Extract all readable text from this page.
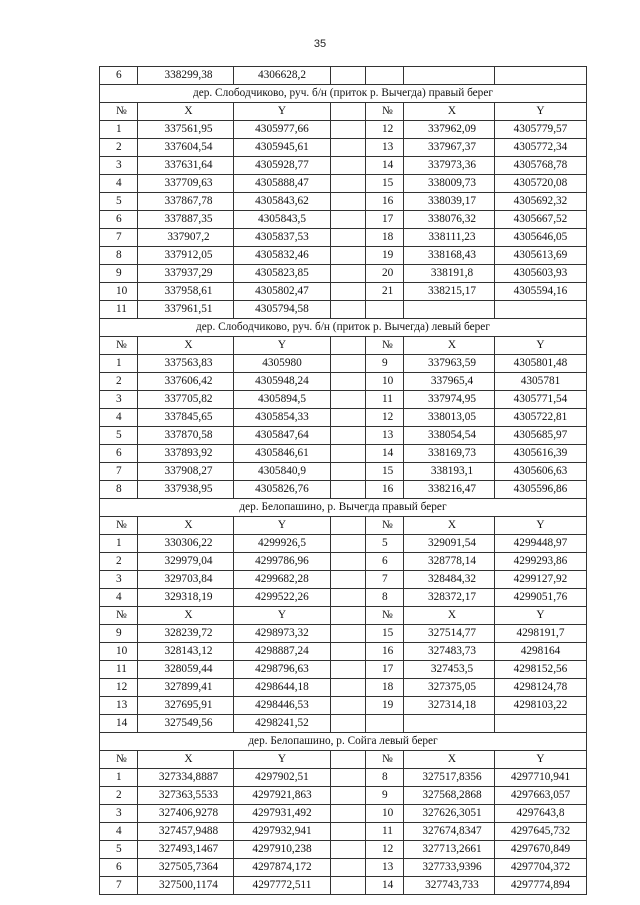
35
6	338299,38	4306628,2				
дер. Слободчиково, руч. б/н (приток р. Вычегда) правый берег						
№	X	Y		№	X	Y
1	337561,95	4305977,66		12	337962,09	4305779,57
2	337604,54	4305945,61		13	337967,37	4305772,34
3	337631,64	4305928,77		14	337973,36	4305768,78
4	337709,63	4305888,47		15	338009,73	4305720,08
5	337867,78	4305843,62		16	338039,17	4305692,32
6	337887,35	4305843,5		17	338076,32	4305667,52
7	337907,2	4305837,53		18	338111,23	4305646,05
8	337912,05	4305832,46		19	338168,43	4305613,69
9	337937,29	4305823,85		20	338191,8	4305603,93
10	337958,61	4305802,47		21	338215,17	4305594,16
11	337961,51	4305794,58				
дер. Слободчиково, руч. б/н (приток р. Вычегда) левый берег						
№	X	Y		№	X	Y
1	337563,83	4305980		9	337963,59	4305801,48
2	337606,42	4305948,24		10	337965,4	4305781
3	337705,82	4305894,5		11	337974,95	4305771,54
4	337845,65	4305854,33		12	338013,05	4305722,81
5	337870,58	4305847,64		13	338054,54	4305685,97
6	337893,92	4305846,61		14	338169,73	4305616,39
7	337908,27	4305840,9		15	338193,1	4305606,63
8	337938,95	4305826,76		16	338216,47	4305596,86
дер. Белопашино, р. Вычегда правый берег						
№	X	Y		№	X	Y
1	330306,22	4299926,5		5	329091,54	4299448,97
2	329979,04	4299786,96		6	328778,14	4299293,86
3	329703,84	4299682,28		7	328484,32	4299127,92
4	329318,19	4299522,26		8	328372,17	4299051,76
№	X	Y		№	X	Y
9	328239,72	4298973,32		15	327514,77	4298191,7
10	328143,12	4298887,24		16	327483,73	4298164
11	328059,44	4298796,63		17	327453,5	4298152,56
12	327899,41	4298644,18		18	327375,05	4298124,78
13	327695,91	4298446,53		19	327314,18	4298103,22
14	327549,56	4298241,52				
дер. Белопашино, р. Сойга левый берег						
№	X	Y		№	X	Y
1	327334,8887	4297902,51		8	327517,8356	4297710,941
2	327363,5533	4297921,863		9	327568,2868	4297663,057
3	327406,9278	4297931,492		10	327626,3051	4297643,8
4	327457,9488	4297932,941		11	327674,8347	4297645,732
5	327493,1467	4297910,238		12	327713,2661	4297670,849
6	327505,7364	4297874,172		13	327733,9396	4297704,372
7	327500,1174	4297772,511		14	327743,733	4297774,894
